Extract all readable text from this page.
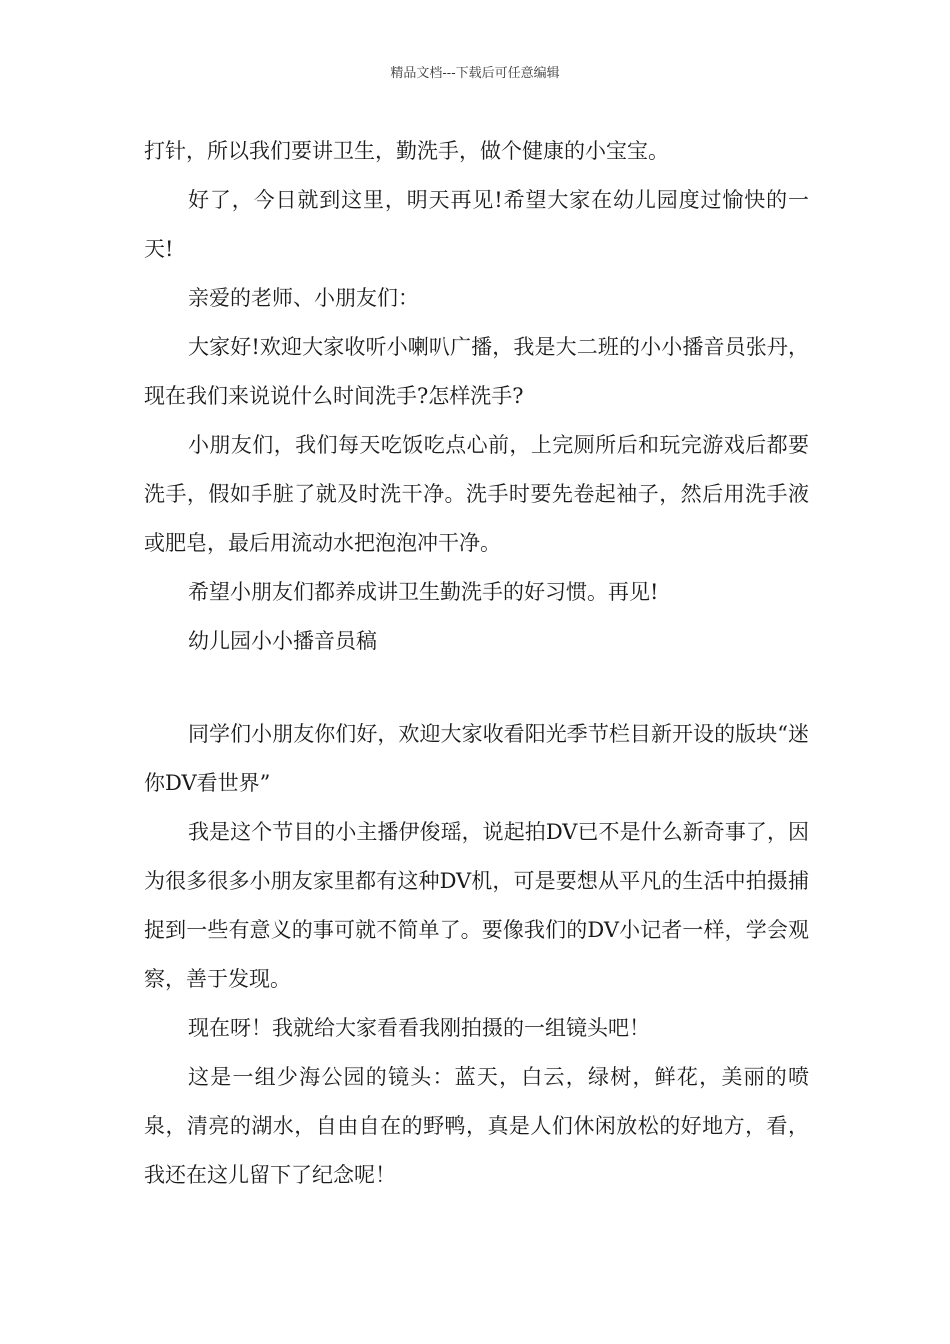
精品文档---下载后可任意编辑

打针，所以我们要讲卫生，勤洗手，做个健康的小宝宝。

好了，今日就到这里，明天再见!希望大家在幼儿园度过愉快的一天!

亲爱的老师、小朋友们：

大家好!欢迎大家收听小喇叭广播，我是大二班的小小播音员张丹，现在我们来说说什么时间洗手?怎样洗手?

小朋友们，我们每天吃饭吃点心前，上完厕所后和玩完游戏后都要洗手，假如手脏了就及时洗干净。洗手时要先卷起袖子，然后用洗手液或肥皂，最后用流动水把泡泡冲干净。

希望小朋友们都养成讲卫生勤洗手的好习惯。再见!

幼儿园小小播音员稿

同学们小朋友你们好，欢迎大家收看阳光季节栏目新开设的版块“迷你DV看世界”

我是这个节目的小主播伊俊瑶，说起拍DV已不是什么新奇事了，因为很多很多小朋友家里都有这种DV机，可是要想从平凡的生活中拍摄捕捉到一些有意义的事可就不简单了。要像我们的DV小记者一样，学会观察，善于发现。

现在呀！我就给大家看看我刚拍摄的一组镜头吧！

这是一组少海公园的镜头：蓝天，白云，绿树，鲜花，美丽的喷泉，清亮的湖水，自由自在的野鸭，真是人们休闲放松的好地方，看，我还在这儿留下了纪念呢！
